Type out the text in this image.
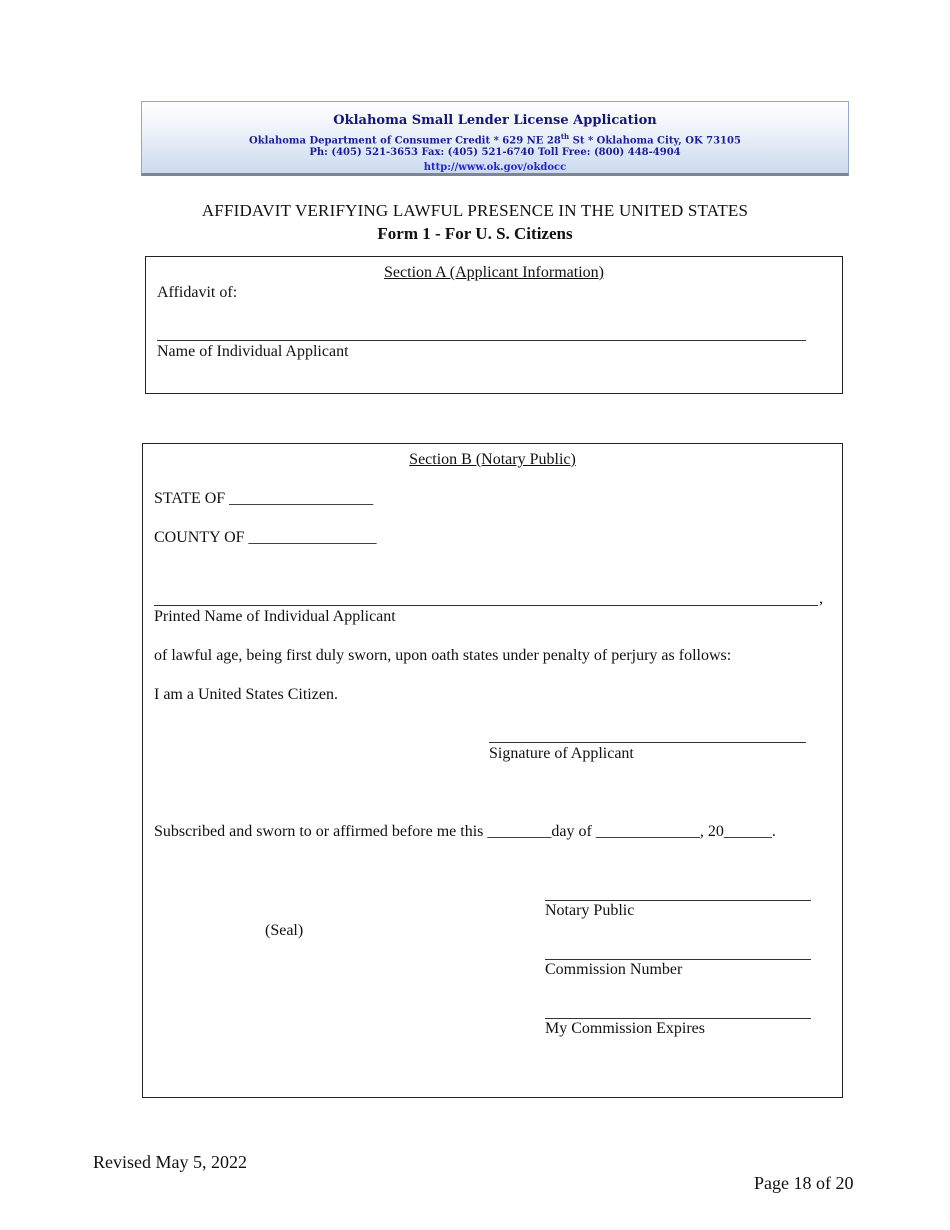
Oklahoma Small Lender License Application
Oklahoma Department of Consumer Credit * 629 NE 28th St * Oklahoma City, OK 73105
Ph: (405) 521-3653 Fax: (405) 521-6740 Toll Free: (800) 448-4904
http://www.ok.gov/okdocc
AFFIDAVIT VERIFYING LAWFUL PRESENCE IN THE UNITED STATES
Form 1 - For U. S. Citizens
Section A (Applicant Information)
Affidavit of:
Name of Individual Applicant
Section B (Notary Public)
STATE OF __________________
COUNTY OF ________________
,
Printed Name of Individual Applicant
of lawful age, being first duly sworn, upon oath states under penalty of perjury as follows:
I am a United States Citizen.
Signature of Applicant
Subscribed and sworn to or affirmed before me this ________day of _____________, 20______.
Notary Public
(Seal)
Commission Number
My Commission Expires
Revised May 5, 2022
Page 18 of 20
